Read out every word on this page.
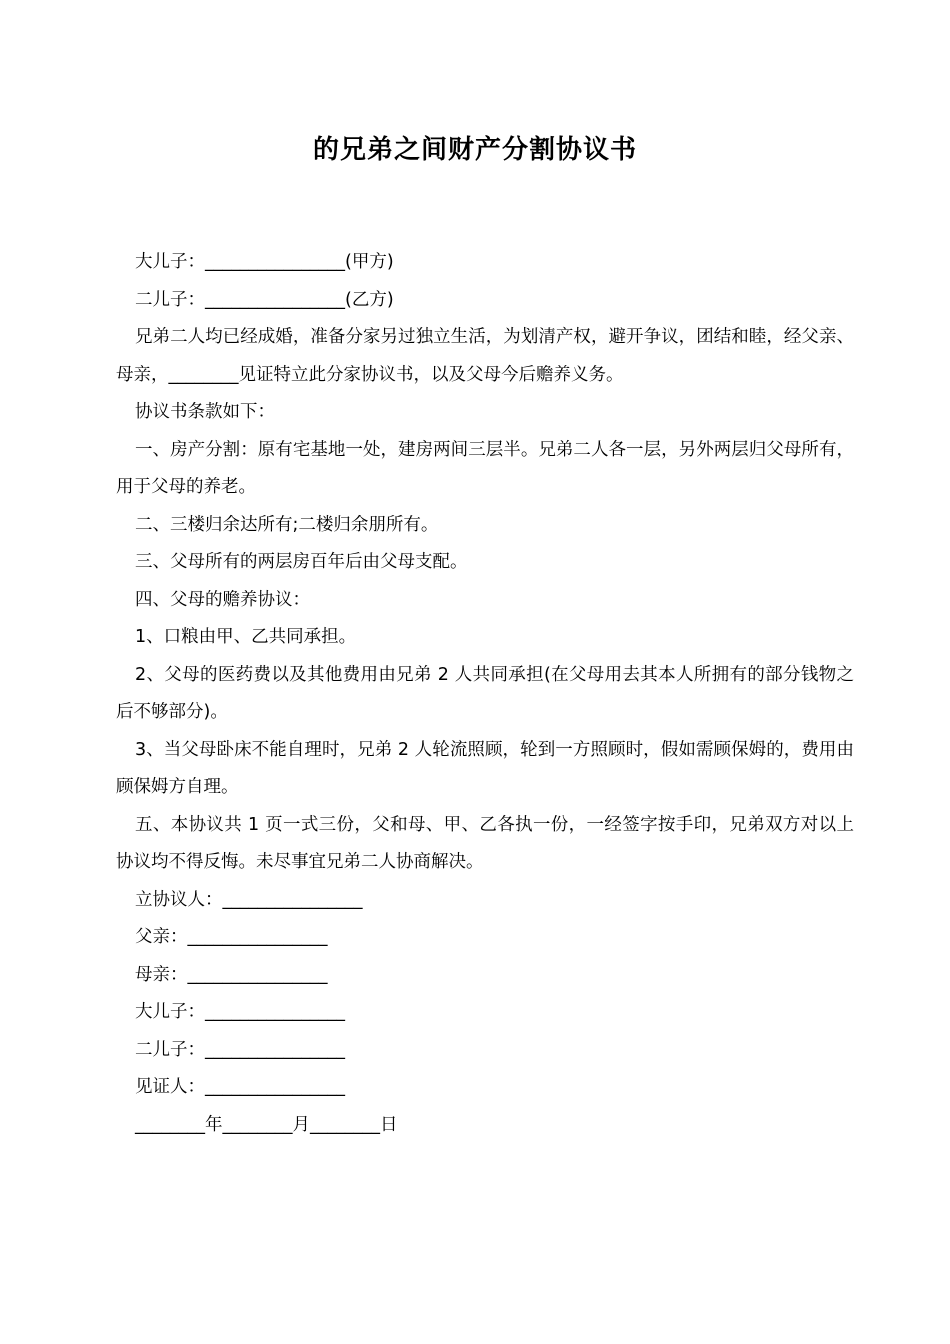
的兄弟之间财产分割协议书
大儿子：________________(甲方)
二儿子：________________(乙方)
兄弟二人均已经成婚，准备分家另过独立生活，为划清产权，避开争议，团结和睦，经父亲、母亲，________见证特立此分家协议书，以及父母今后赡养义务。
协议书条款如下：
一、房产分割：原有宅基地一处，建房两间三层半。兄弟二人各一层，另外两层归父母所有，用于父母的养老。
二、三楼归余达所有;二楼归余朋所有。
三、父母所有的两层房百年后由父母支配。
四、父母的赡养协议：
1、口粮由甲、乙共同承担。
2、父母的医药费以及其他费用由兄弟 2 人共同承担(在父母用去其本人所拥有的部分钱物之后不够部分)。
3、当父母卧床不能自理时，兄弟 2 人轮流照顾，轮到一方照顾时，假如需顾保姆的，费用由顾保姆方自理。
五、本协议共 1 页一式三份，父和母、甲、乙各执一份，一经签字按手印，兄弟双方对以上协议均不得反悔。未尽事宜兄弟二人协商解决。
立协议人：________________
父亲：________________
母亲：________________
大儿子：________________
二儿子：________________
见证人：________________
________年________月________日
